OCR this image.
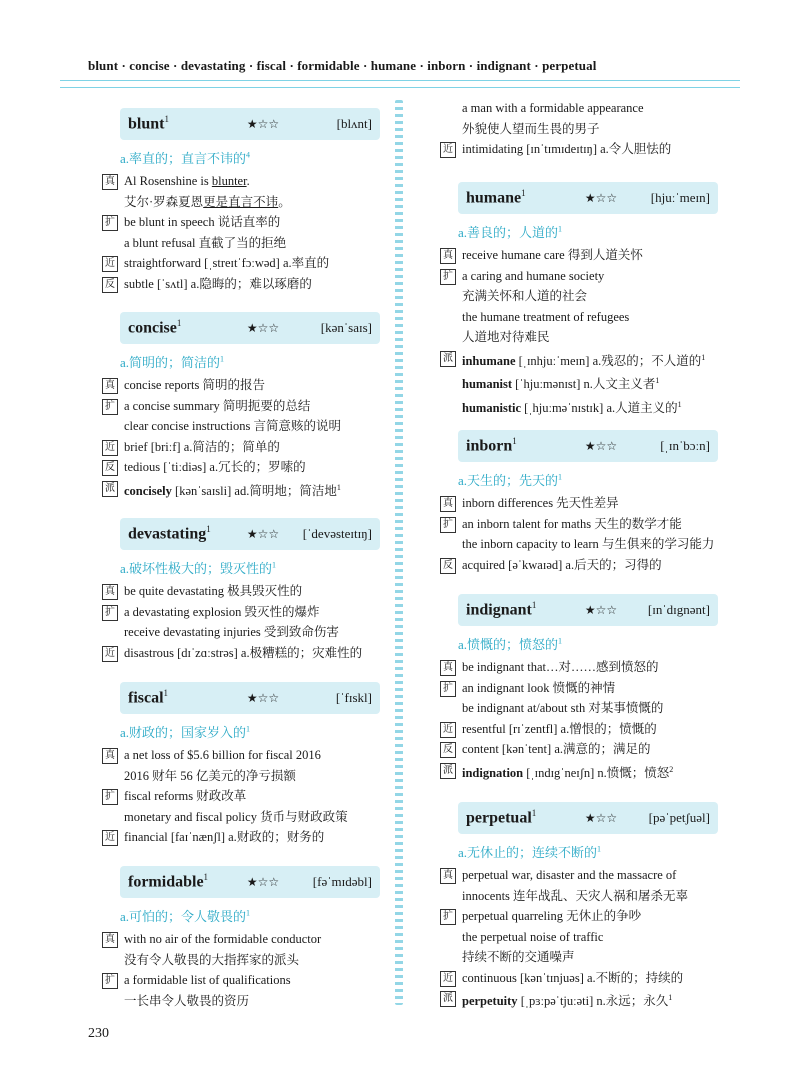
blunt · concise · devastating · fiscal · formidable · humane · inborn · indignant · perpetual
blunt$^1$	★☆☆	[blʌnt]
a.率直的；直言不讳的$^4$
真 Al Rosenshine is blunter.
艾尔·罗森夏恩更是直言不讳。
扩 be blunt in speech 说话直率的
a blunt refusal 直截了当的拒绝
近 straightforward [ˌstreɪtˈfɔːwəd] a.率直的
反 subtle [ˈsʌtl] a.隐晦的；难以琢磨的
concise$^1$	★☆☆	[kənˈsaɪs]
a.简明的；简洁的$^1$
真 concise reports 简明的报告
扩 a concise summary 简明扼要的总结
clear concise instructions 言简意赅的说明
近 brief [briːf] a.简洁的；简单的
反 tedious [ˈtiːdiəs] a.冗长的；罗嗦的
派 concisely [kənˈsaɪsli] ad.简明地；简洁地$^1$
devastating$^1$	★☆☆	[ˈdevəsteɪtɪŋ]
a.破坏性极大的；毁灭性的$^1$
真 be quite devastating 极具毁灭性的
扩 a devastating explosion 毁灭性的爆炸
receive devastating injuries 受到致命伤害
近 disastrous [dɪˈzɑːstrəs] a.极糟糕的；灾难性的
fiscal$^1$	★☆☆	[ˈfɪskl]
a.财政的；国家岁入的$^1$
真 a net loss of $5.6 billion for fiscal 2016
2016 财年 56 亿美元的净亏损额
扩 fiscal reforms 财政改革
monetary and fiscal policy 货币与财政政策
近 financial [faɪˈnænʃl] a.财政的；财务的
formidable$^1$	★☆☆	[fəˈmɪdəbl]
a.可怕的；令人敬畏的$^1$
真 with no air of the formidable conductor
没有令人敬畏的大指挥家的派头
扩 a formidable list of qualifications
一长串令人敬畏的资历
a man with a formidable appearance
外貌使人望而生畏的男子
近 intimidating [ɪnˈtɪmɪdeɪtɪŋ] a.令人胆怯的
humane$^1$	★☆☆	[hjuːˈmeɪn]
a.善良的；人道的$^1$
真 receive humane care 得到人道关怀
扩 a caring and humane society
充满关怀和人道的社会
the humane treatment of refugees
人道地对待难民
派 inhumane [ˌɪnhjuːˈmeɪn] a.残忍的；不人道的$^1$
humanist [ˈhjuːmənɪst] n.人文主义者$^1$
humanistic [ˌhjuːməˈnɪstɪk] a.人道主义的$^1$
inborn$^1$	★☆☆	[ˌɪnˈbɔːn]
a.天生的；先天的$^1$
真 inborn differences 先天性差异
扩 an inborn talent for maths 天生的数学才能
the inborn capacity to learn 与生俱来的学习能力
反 acquired [əˈkwaɪəd] a.后天的；习得的
indignant$^1$	★☆☆	[ɪnˈdɪgnənt]
a.愤慨的；愤怒的$^1$
真 be indignant that…对……感到愤怒的
扩 an indignant look 愤慨的神情
be indignant at/about sth 对某事愤慨的
近 resentful [rɪˈzentfl] a.憎恨的；愤慨的
反 content [kənˈtent] a.满意的；满足的
派 indignation [ˌɪndɪgˈneɪʃn] n.愤慨；愤怒$^2$
perpetual$^1$	★☆☆	[pəˈpetʃuəl]
a.无休止的；连续不断的$^1$
真 perpetual war, disaster and the massacre of
innocents 连年战乱、天灾人祸和屠杀无辜
扩 perpetual quarreling 无休止的争吵
the perpetual noise of traffic
持续不断的交通噪声
近 continuous [kənˈtɪnjuəs] a.不断的；持续的
派 perpetuity [ˌpɜːpəˈtjuːəti] n.永远；永久$^1$
230
